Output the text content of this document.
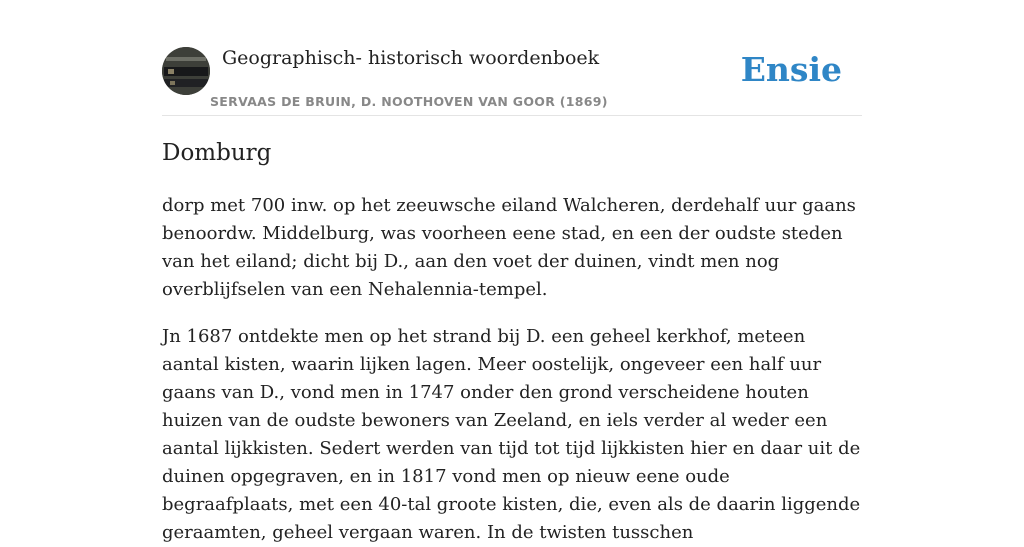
Geographisch- historisch woordenboek
SERVAAS DE BRUIN, D. NOOTHOVEN VAN GOOR (1869)
Ensie
Domburg

dorp met 700 inw. op het zeeuwsche eiland Walcheren, derdehalf uur gaans benoordw. Middelburg, was voorheen eene stad, en een der oudste steden van het eiland; dicht bij D., aan den voet der duinen, vindt men nog overblijfselen van een Nehalennia-tempel.

Jn 1687 ontdekte men op het strand bij D. een geheel kerkhof, meteen aantal kisten, waarin lijken lagen. Meer oostelijk, ongeveer een half uur gaans van D., vond men in 1747 onder den grond verscheidene houten huizen van de oudste bewoners van Zeeland, en iels verder al weder een aantal lijkkisten. Sedert werden van tijd tot tijd lijkkisten hier en daar uit de duinen opgegraven, en in 1817 vond men op nieuw eene oude begraafplaats, met een 40-tal groote kisten, die, even als de daarin liggende geraamten, geheel vergaan waren. In de twisten tusschen
